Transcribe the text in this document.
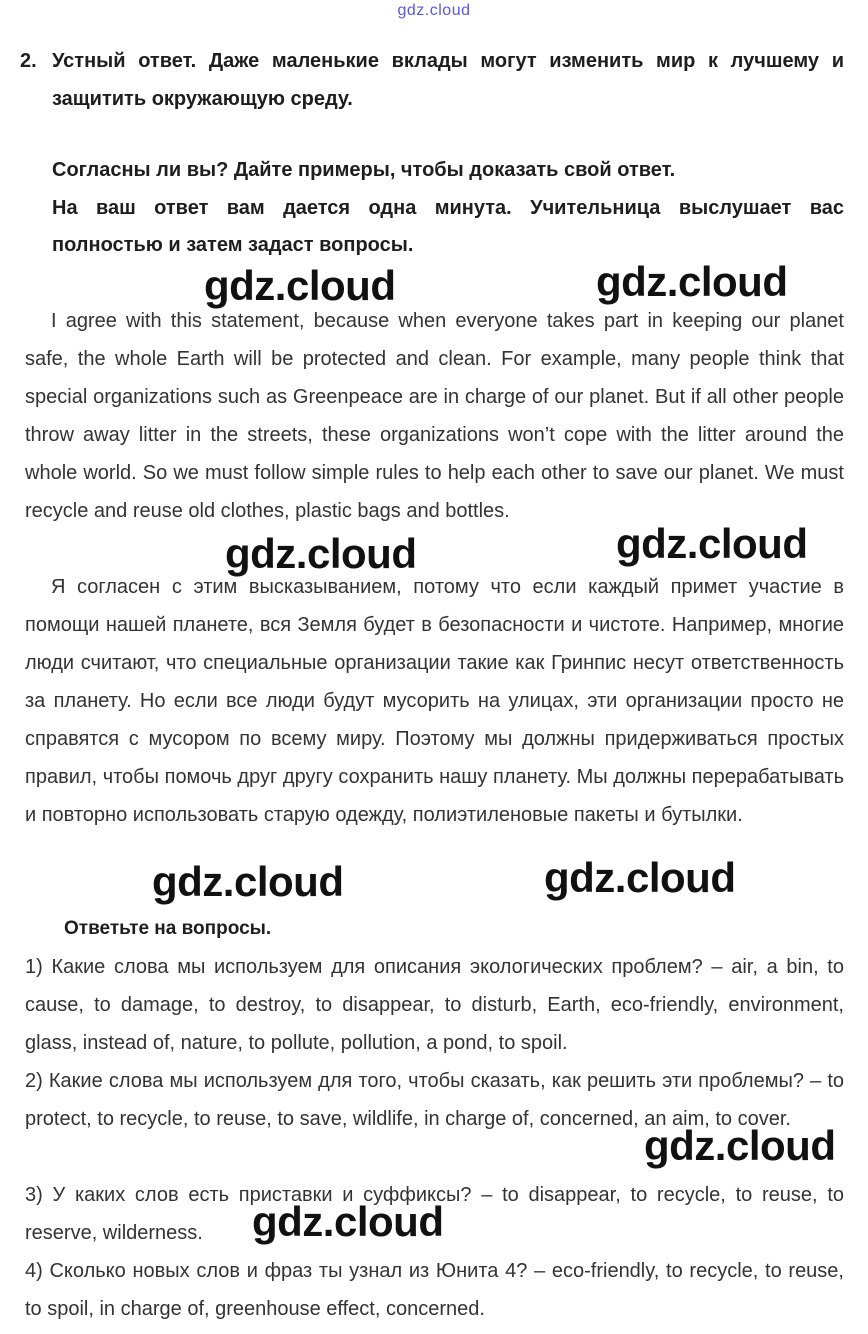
gdz.cloud
2. Устный ответ. Даже маленькие вклады могут изменить мир к лучшему и защитить окружающую среду.
Согласны ли вы? Дайте примеры, чтобы доказать свой ответ.
На ваш ответ вам дается одна минута. Учительница выслушает вас полностью и затем задаст вопросы.
gdz.cloud	gdz.cloud
I agree with this statement, because when everyone takes part in keeping our planet safe, the whole Earth will be protected and clean. For example, many people think that special organizations such as Greenpeace are in charge of our planet. But if all other people throw away litter in the streets, these organizations won’t cope with the litter around the whole world. So we must follow simple rules to help each other to save our planet. We must recycle and reuse old clothes, plastic bags and bottles.
gdz.cloud	gdz.cloud
Я согласен с этим высказыванием, потому что если каждый примет участие в помощи нашей планете, вся Земля будет в безопасности и чистоте. Например, многие люди считают, что специальные организации такие как Гринпис несут ответственность за планету. Но если все люди будут мусорить на улицах, эти организации просто не справятся с мусором по всему миру. Поэтому мы должны придерживаться простых правил, чтобы помочь друг другу сохранить нашу планету. Мы должны перерабатывать и повторно использовать старую одежду, полиэтиленовые пакеты и бутылки.
gdz.cloud	gdz.cloud
Ответьте на вопросы.
1) Какие слова мы используем для описания экологических проблем? – air, a bin, to cause, to damage, to destroy, to disappear, to disturb, Earth, eco-friendly, environment, glass, instead of, nature, to pollute, pollution, a pond, to spoil.
2) Какие слова мы используем для того, чтобы сказать, как решить эти проблемы? – to protect, to recycle, to reuse, to save, wildlife, in charge of, concerned, an aim, to cover.
gdz.cloud
3) У каких слов есть приставки и суффиксы? – to disappear, to recycle, to reuse, to reserve, wilderness.	gdz.cloud
4) Сколько новых слов и фраз ты узнал из Юнита 4? – eco-friendly, to recycle, to reuse, to spoil, in charge of, greenhouse effect, concerned.
